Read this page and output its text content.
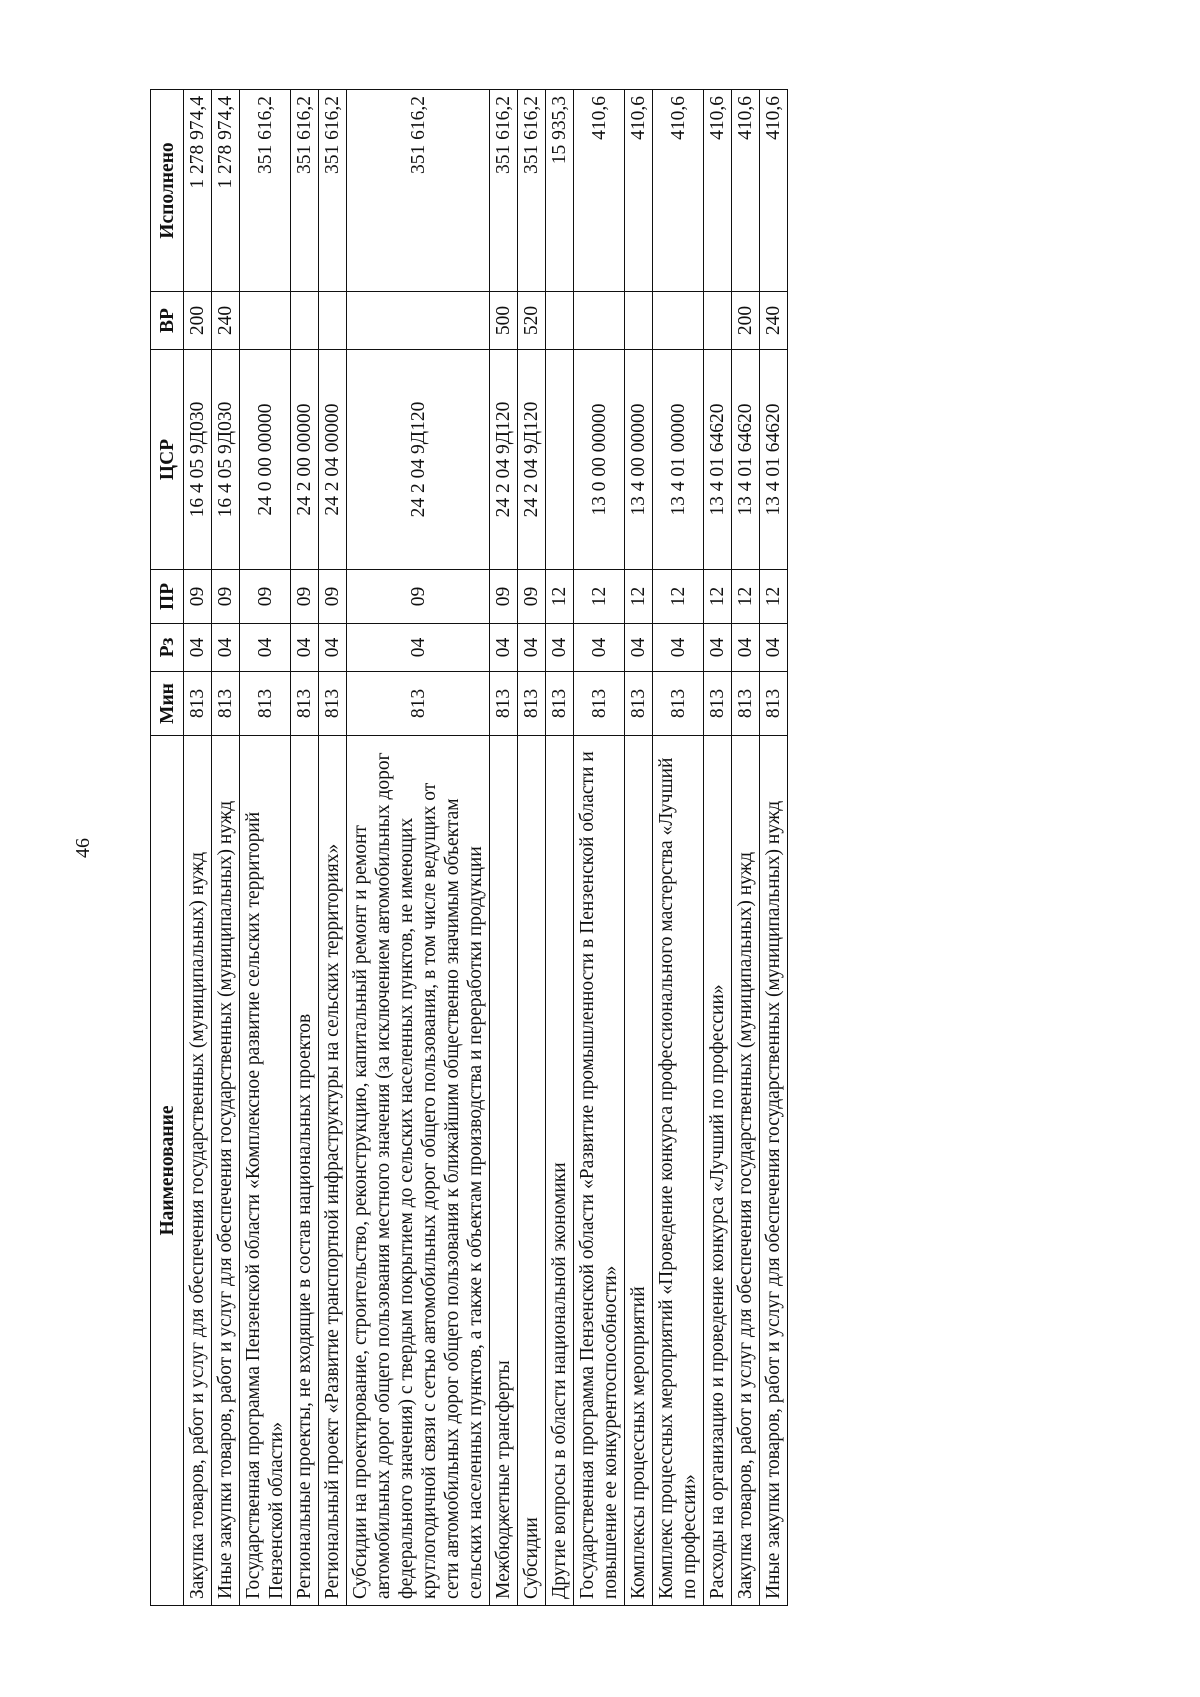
46
Наименование	Мин	Рз	ПР	ЦСР	ВР	Исполнено
Закупка товаров, работ и услуг для обеспечения государственных (муниципальных) нужд	813	04	09	16 4 05 9Д030	200	1 278 974,4
Иные закупки товаров, работ и услуг для обеспечения государственных (муниципальных) нужд	813	04	09	16 4 05 9Д030	240	1 278 974,4
Государственная программа Пензенской области «Комплексное развитие сельских территорий Пензенской области»	813	04	09	24 0 00 00000		351 616,2
Региональные проекты, не входящие в состав национальных проектов	813	04	09	24 2 00 00000		351 616,2
Региональный проект «Развитие транспортной инфраструктуры на сельских территориях»	813	04	09	24 2 04 00000		351 616,2
Субсидии на проектирование, строительство, реконструкцию, капитальный ремонт и ремонт автомобильных дорог общего пользования местного значения (за исключением автомобильных дорог федерального значения) с твердым покрытием до сельских населенных пунктов, не имеющих круглогодичной связи с сетью автомобильных дорог общего пользования, в том числе ведущих от сети автомобильных дорог общего пользования к ближайшим общественно значимым объектам сельских населенных пунктов, а также к объектам производства и переработки продукции	813	04	09	24 2 04 9Д120		351 616,2
Межбюджетные трансферты	813	04	09	24 2 04 9Д120	500	351 616,2
Субсидии	813	04	09	24 2 04 9Д120	520	351 616,2
Другие вопросы в области национальной экономики	813	04	12			15 935,3
Государственная программа Пензенской области «Развитие промышленности в Пензенской области и повышение ее конкурентоспособности»	813	04	12	13 0 00 00000		410,6
Комплексы процессных мероприятий	813	04	12	13 4 00 00000		410,6
Комплекс процессных мероприятий «Проведение конкурса профессионального мастерства «Лучший по профессии»	813	04	12	13 4 01 00000		410,6
Расходы на организацию и проведение конкурса «Лучший по профессии»	813	04	12	13 4 01 64620		410,6
Закупка товаров, работ и услуг для обеспечения государственных (муниципальных) нужд	813	04	12	13 4 01 64620	200	410,6
Иные закупки товаров, работ и услуг для обеспечения государственных (муниципальных) нужд	813	04	12	13 4 01 64620	240	410,6
